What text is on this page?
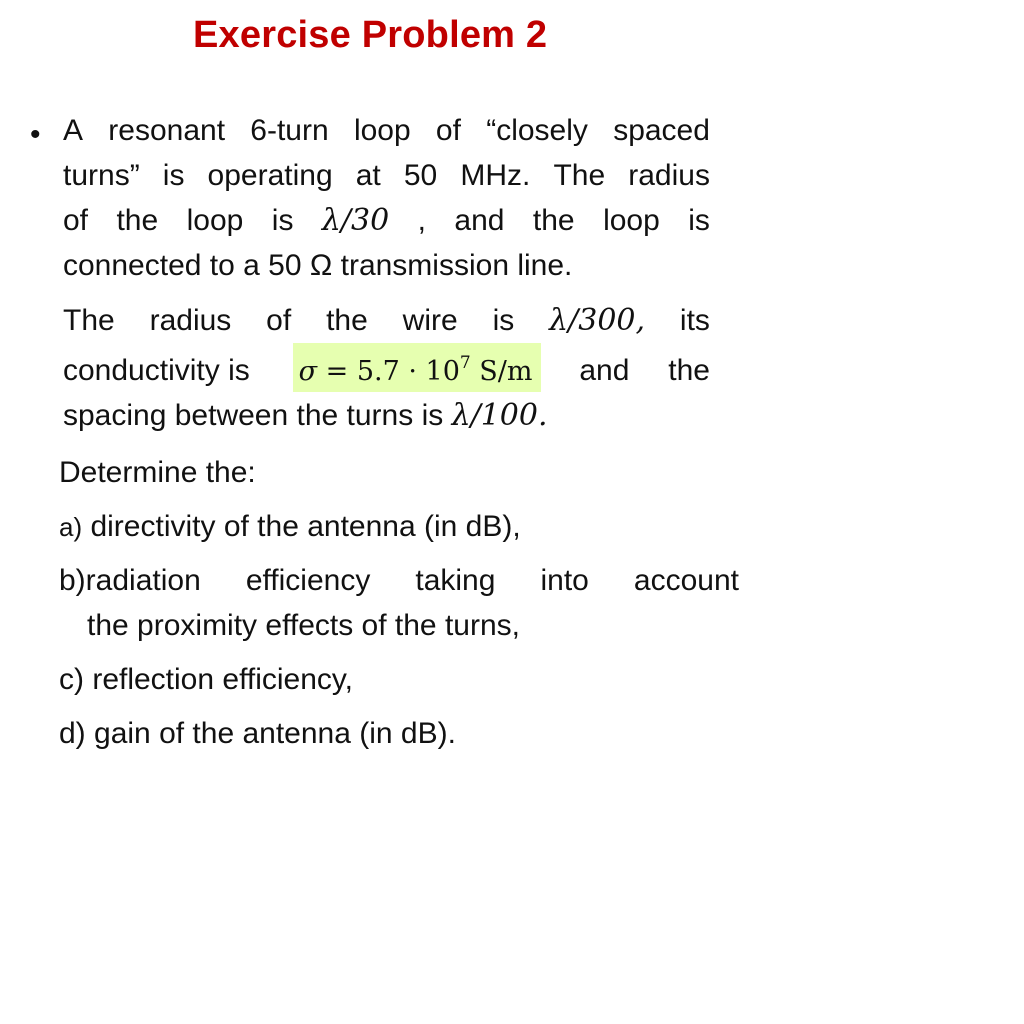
Exercise Problem 2
• A resonant 6-turn loop of “closely spaced
turns” is operating at 50 MHz. The radius
of the loop is λ/30 , and the loop is
connected to a 50 Ω transmission line.
The radius of the wire is λ/300, its
conductivity is $\sigma = 5.7 \cdot 10^7$ S/m and the
spacing between the turns is λ/100.
Determine the:
a) directivity of the antenna (in dB),
b)radiation efficiency taking into account
the proximity effects of the turns,
c) reflection efficiency,
d) gain of the antenna (in dB).
